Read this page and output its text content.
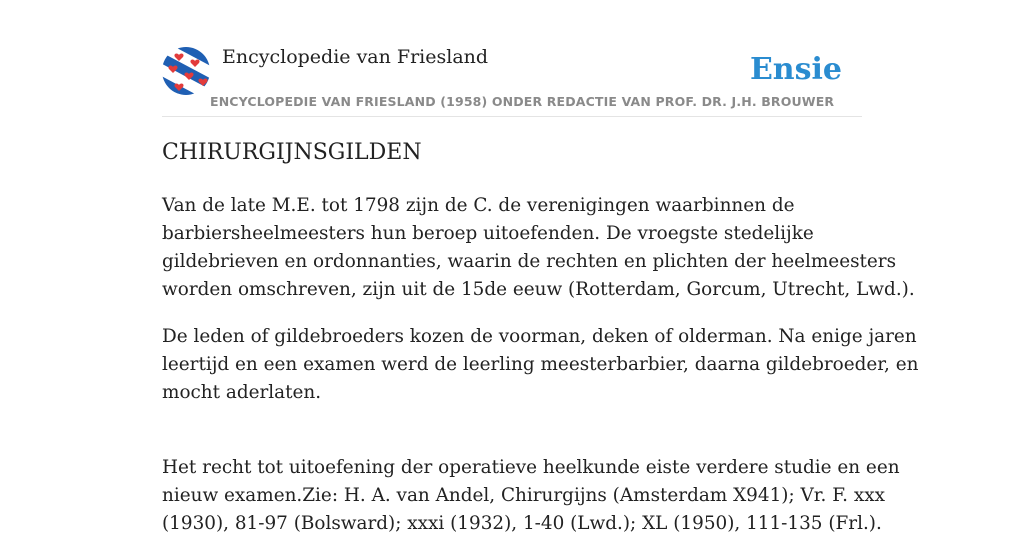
Encyclopedie van Friesland
ENCYCLOPEDIE VAN FRIESLAND (1958) ONDER REDACTIE VAN PROF. DR. J.H. BROUWER
Ensie
CHIRURGIJNSGILDEN

Van de late M.E. tot 1798 zijn de C. de verenigingen waarbinnen de
barbiersheelmeesters hun beroep uitoefenden. De vroegste stedelijke
gildebrieven en ordonnanties, waarin de rechten en plichten der heelmeesters
worden omschreven, zijn uit de 15de eeuw (Rotterdam, Gorcum, Utrecht, Lwd.).

De leden of gildebroeders kozen de voorman, deken of olderman. Na enige jaren
leertijd en een examen werd de leerling meesterbarbier, daarna gildebroeder, en
mocht aderlaten.

Het recht tot uitoefening der operatieve heelkunde eiste verdere studie en een
nieuw examen.Zie: H. A. van Andel, Chirurgijns (Amsterdam X941); Vr. F. xxx
(1930), 81-97 (Bolsward); xxxi (1932), 1-40 (Lwd.); XL (1950), 111-135 (Frl.).
